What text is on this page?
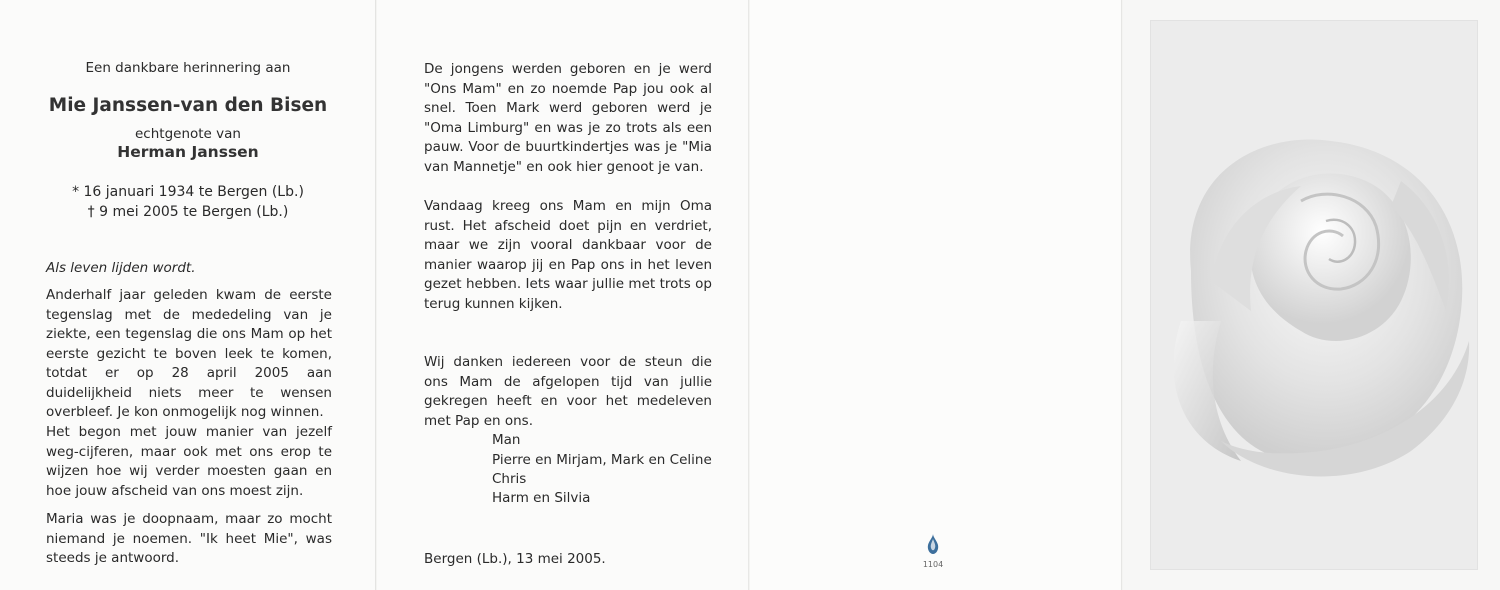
Een dankbare herinnering aan
Mie Janssen-van den Bisen
echtgenote van
Herman Janssen
* 16 januari 1934 te Bergen (Lb.)
† 9 mei 2005 te Bergen (Lb.)
Als leven lijden wordt.

Anderhalf jaar geleden kwam de eerste tegenslag met de mededeling van je ziekte, een tegenslag die ons Mam op het eerste gezicht te boven leek te komen, totdat er op 28 april 2005 aan duidelijkheid niets meer te wensen overbleef. Je kon onmogelijk nog winnen.

Het begon met jouw manier van jezelf weg-cijferen, maar ook met ons erop te wijzen hoe wij verder moesten gaan en hoe jouw afscheid van ons moest zijn.

Maria was je doopnaam, maar zo mocht niemand je noemen. "Ik heet Mie", was steeds je antwoord.

De jongens werden geboren en je werd "Ons Mam" en zo noemde Pap jou ook al snel. Toen Mark werd geboren werd je "Oma Limburg" en was je zo trots als een pauw. Voor de buurtkindertjes was je "Mia van Mannetje" en ook hier genoot je van.

Vandaag kreeg ons Mam en mijn Oma rust. Het afscheid doet pijn en verdriet, maar we zijn vooral dankbaar voor de manier waarop jij en Pap ons in het leven gezet hebben. Iets waar jullie met trots op terug kunnen kijken.

Wij danken iedereen voor de steun die ons Mam de afgelopen tijd van jullie gekregen heeft en voor het medeleven met Pap en ons.

Man
Pierre en Mirjam, Mark en Celine
Chris
Harm en Silvia
Bergen (Lb.), 13 mei 2005.	1104
